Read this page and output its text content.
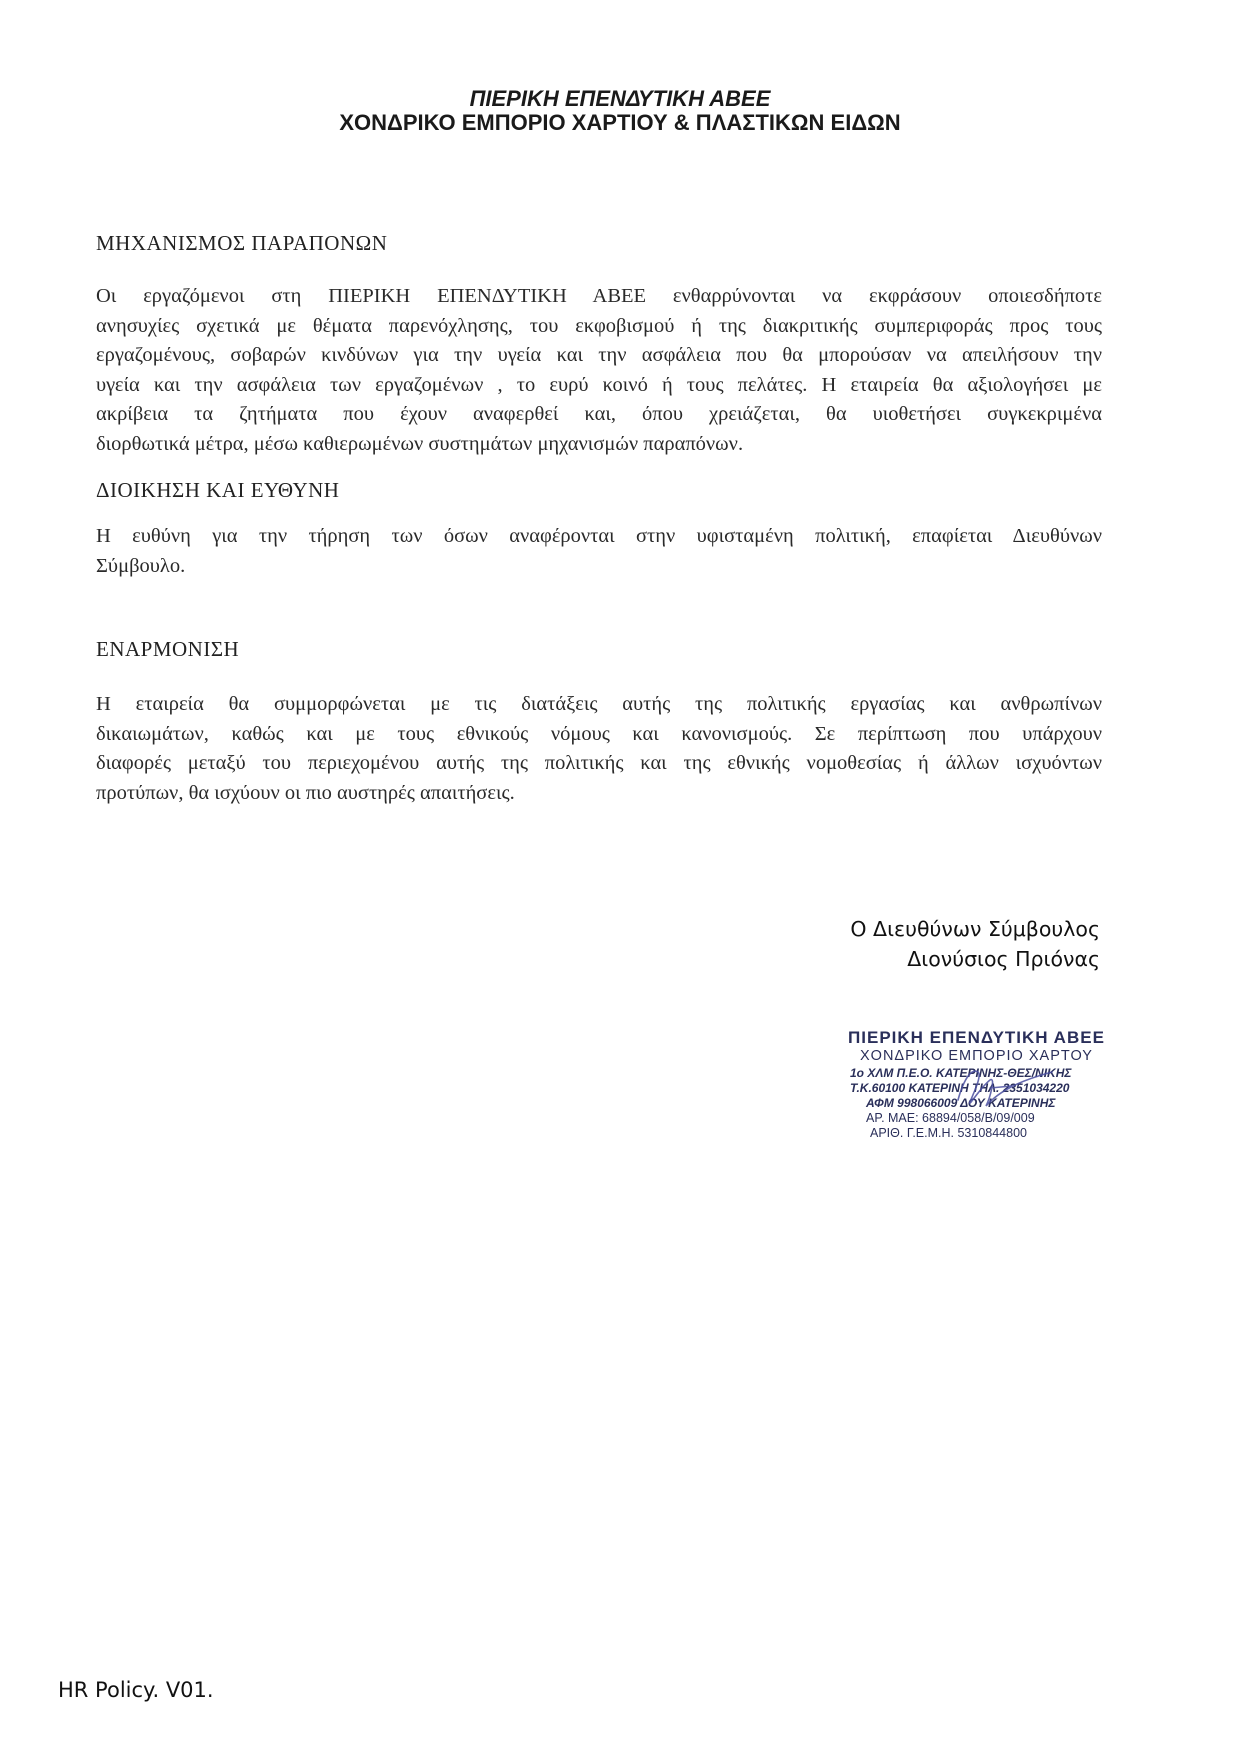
ΠΙΕΡΙΚΗ ΕΠΕΝΔΥΤΙΚΗ ΑΒΕΕ
ΧΟΝΔΡΙΚΟ ΕΜΠΟΡΙΟ ΧΑΡΤΙΟΥ & ΠΛΑΣΤΙΚΩΝ ΕΙΔΩΝ
ΜΗΧΑΝΙΣΜΟΣ ΠΑΡΑΠΟΝΩΝ

Οι εργαζόμενοι στη ΠΙΕΡΙΚΗ ΕΠΕΝΔΥΤΙΚΗ ΑΒΕΕ ενθαρρύνονται να εκφράσουν οποιεσδήποτε
ανησυχίες σχετικά με θέματα παρενόχλησης, του εκφοβισμού ή της διακριτικής συμπεριφοράς προς τους
εργαζομένους, σοβαρών κινδύνων για την υγεία και την ασφάλεια που θα μπορούσαν να απειλήσουν την
υγεία και την ασφάλεια των εργαζομένων , το ευρύ κοινό ή τους πελάτες. Η εταιρεία θα αξιολογήσει με
ακρίβεια τα ζητήματα που έχουν αναφερθεί και, όπου χρειάζεται, θα υιοθετήσει συγκεκριμένα
διορθωτικά μέτρα, μέσω καθιερωμένων συστημάτων μηχανισμών παραπόνων.

ΔΙΟΙΚΗΣΗ ΚΑΙ ΕΥΘΥΝΗ

Η ευθύνη για την τήρηση των όσων αναφέρονται στην υφισταμένη πολιτική, επαφίεται Διευθύνων
Σύμβουλο.

ΕΝΑΡΜΟΝΙΣΗ

Η εταιρεία θα συμμορφώνεται με τις διατάξεις αυτής της πολιτικής εργασίας και ανθρωπίνων
δικαιωμάτων, καθώς και με τους εθνικούς νόμους και κανονισμούς. Σε περίπτωση που υπάρχουν
διαφορές μεταξύ του περιεχομένου αυτής της πολιτικής και της εθνικής νομοθεσίας ή άλλων ισχυόντων
προτύπων, θα ισχύουν οι πιο αυστηρές απαιτήσεις.

Ο Διευθύνων Σύμβουλος
Διονύσιος Πριόνας
ΠΙΕΡΙΚΗ ΕΠΕΝΔΥΤΙΚΗ ΑΒΕΕ
ΧΟΝΔΡΙΚΟ ΕΜΠΟΡΙΟ ΧΑΡΤΟΥ
1ο ΧΛΜ Π.Ε.Ο. ΚΑΤΕΡΙΝΗΣ-ΘΕΣ/ΝΙΚΗΣ
Τ.Κ.60100 ΚΑΤΕΡΙΝΗ ΤΗΛ. 2351034220
ΑΦΜ 998066009 ΔΟΥ ΚΑΤΕΡΙΝΗΣ
ΑΡ. ΜΑΕ: 68894/058/Β/09/009
ΑΡΙΘ. Γ.Ε.Μ.Η. 5310844800
HR Policy. V01.
